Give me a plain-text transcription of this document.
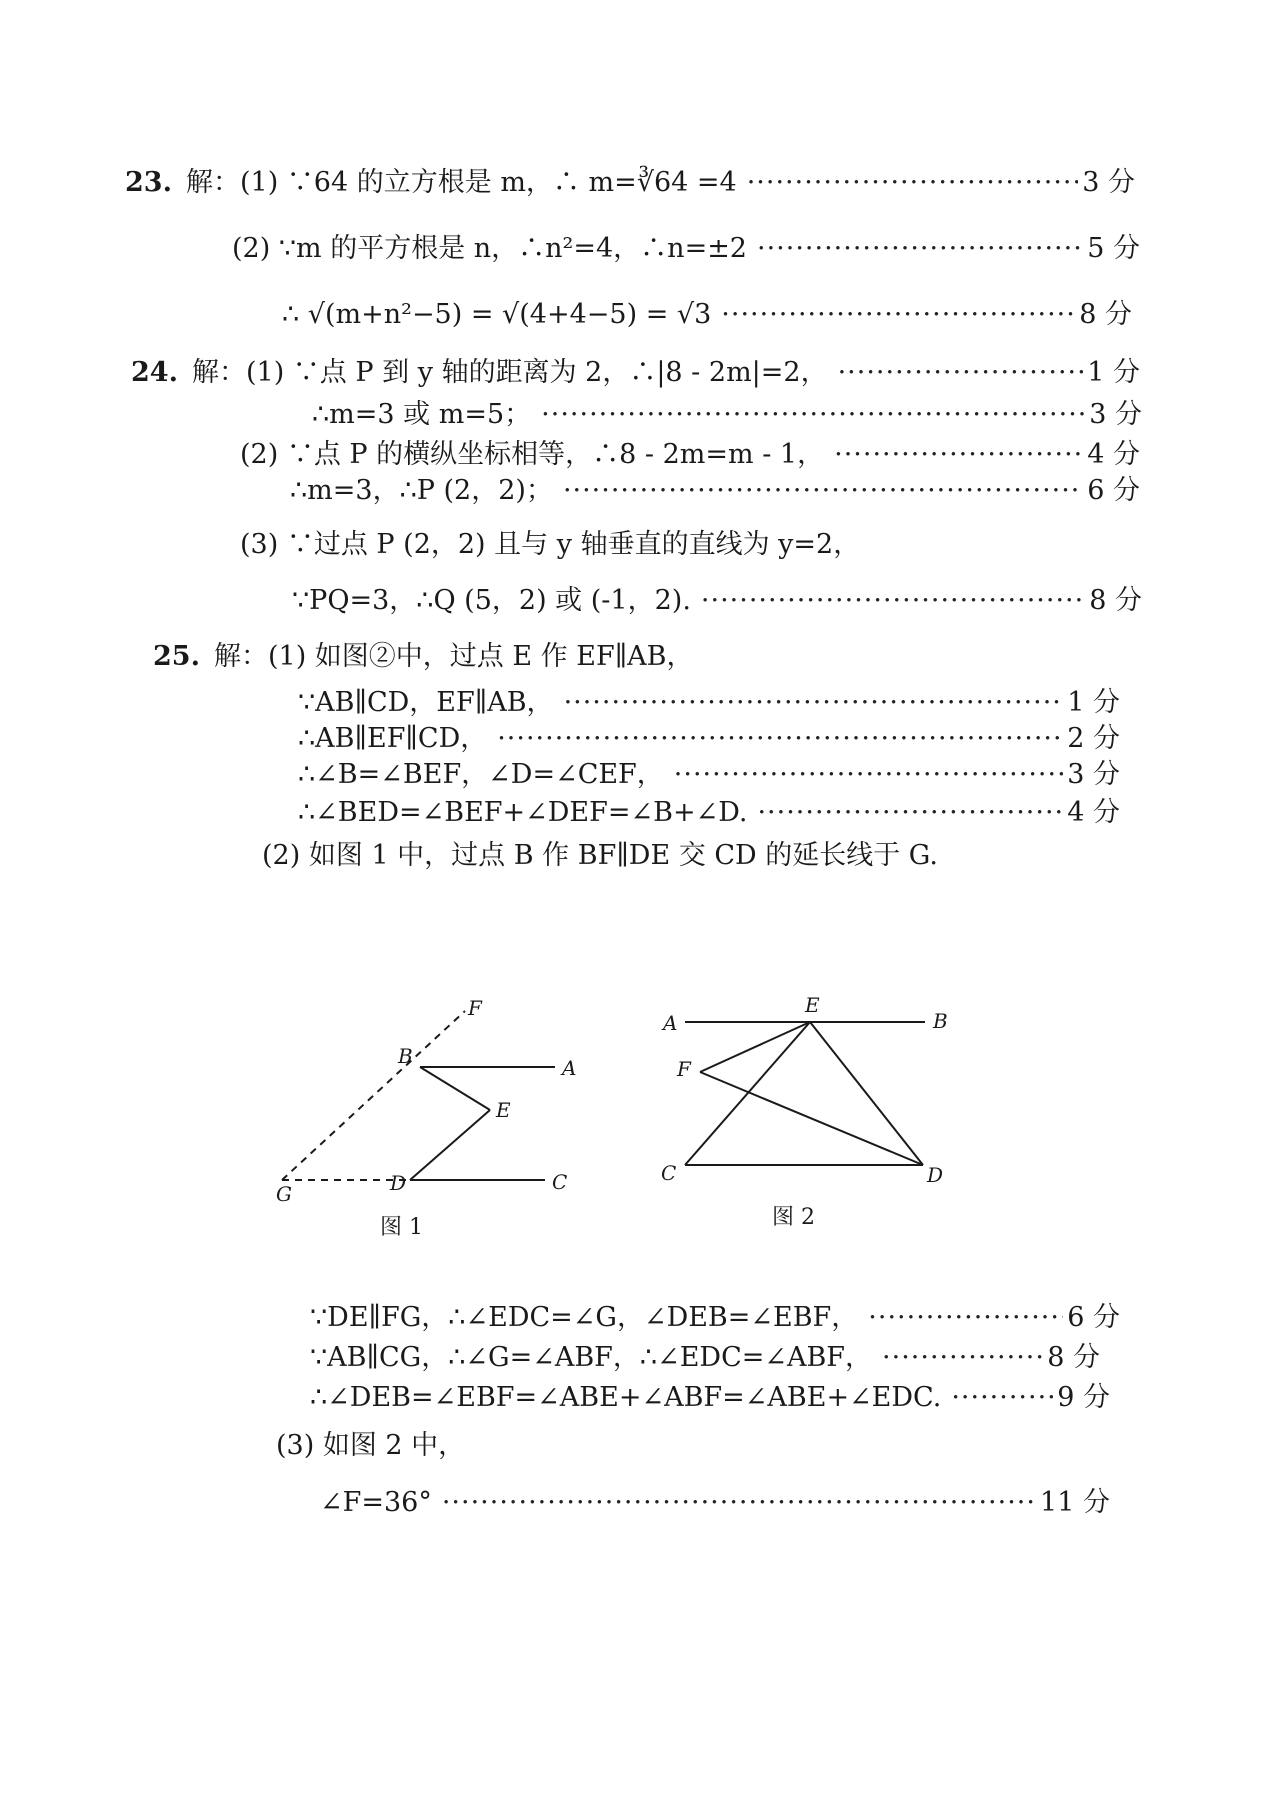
23. 解：(1) ∵64 的立方根是 m，∴ m=∛64 =4 ·····	3 分
(2) ∵m 的平方根是 n，∴n²=4，∴n=±2 ·····	5 分
∴ √(m+n²−5) = √(4+4−5) = √3 ·····	8 分
24. 解：(1) ∵点 P 到 y 轴的距离为 2，∴|8 - 2m|=2， ·····	1 分
∴m=3 或 m=5； ·····	3 分
(2) ∵点 P 的横纵坐标相等，∴8 - 2m=m - 1， ·····	4 分
∴m=3，∴P (2，2)； ·····	6 分
(3) ∵过点 P (2，2) 且与 y 轴垂直的直线为 y=2，
∵PQ=3，∴Q (5，2) 或 (-1，2). ·····	8 分
25. 解：(1) 如图②中，过点 E 作 EF∥AB，
∵AB∥CD，EF∥AB， ·····	1 分
∴AB∥EF∥CD， ·····	2 分
∴∠B=∠BEF，∠D=∠CEF， ·····	3 分
∴∠BED=∠BEF+∠DEF=∠B+∠D. ·····	4 分
(2) 如图 1 中，过点 B 作 BF∥DE 交 CD 的延长线于 G.
F
B	A
E
G	D	C
图 1
A
E
B
F
C	D
图 2
∵DE∥FG，∴∠EDC=∠G，∠DEB=∠EBF， ·····	6 分
∵AB∥CG，∴∠G=∠ABF，∴∠EDC=∠ABF， ·····	8 分
∴∠DEB=∠EBF=∠ABE+∠ABF=∠ABE+∠EDC. ·····	9 分
(3) 如图 2 中，
∠F=36° ·····	11 分
